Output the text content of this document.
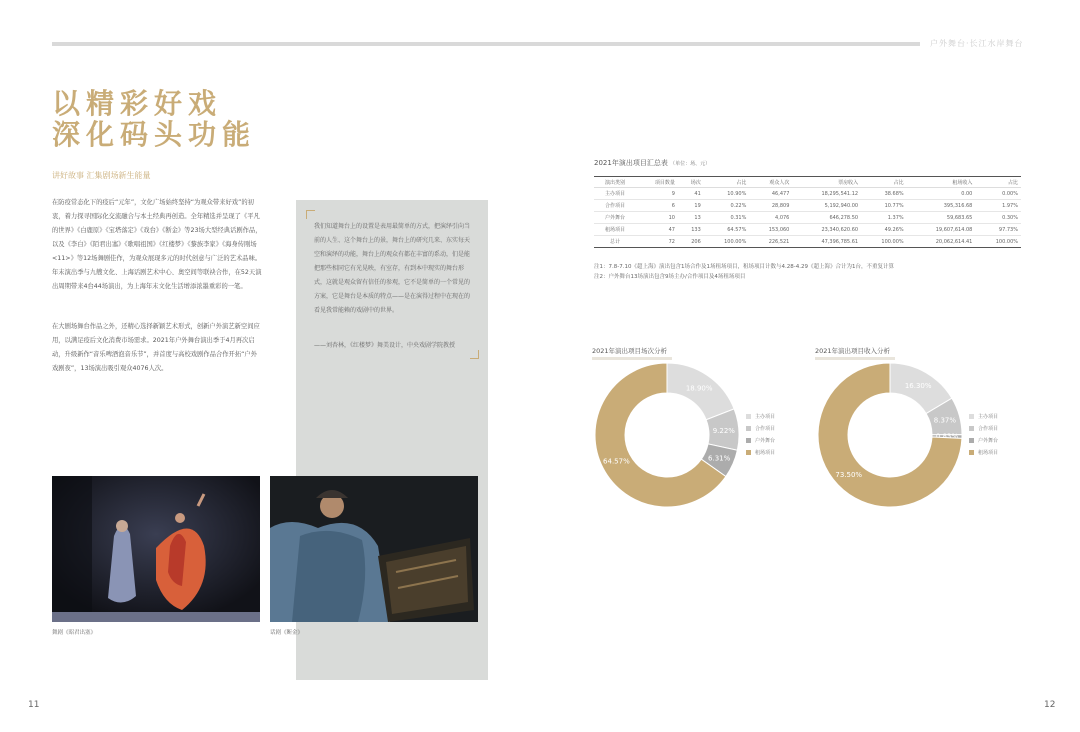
户外舞台·长江水岸舞台
以精彩好戏
深化码头功能
讲好故事 汇集剧场新生能量
在防疫常态化下的疫后“元年”，文化广场始终坚持“为观众带来好戏”的初衷，着力探寻国际化交流融合与本土经典再创造。全年精选并呈现了《平凡的世界》《白鹿原》《宝塔落定》《戏台》《断金》等23场大型经典话剧作品，以及《李白》《陌君出塞》《歌唱祖国》《红楼梦》《黎族李家》《海身传刚场<11>》等12场舞剧佳作，为观众展现多元的时代创意与广泛的艺术品味。年末演出季与九艘文化、上海话剧艺术中心、奥空间等联袂合作，在52天演出周期带来4台44场演出，为上海年末文化生活增添浓墨重彩的一笔。
在大剧场舞台作品之外，还精心选择新颖艺术形式，创新户外演艺新空间应用，以满足疫后文化消费市场需求。2021年户外舞台演出季于4月再次启动，升级新作“音乐啤酒泡音乐节”，并首度与高校戏剧作品合作开拓“户外戏剧夜”，13场演出吸引观众4076人次。
我们知道舞台上的设置是表用最简单的方式，把演绎引向当前的人生、这个舞台上的景，舞台上的研究几来、东实每天空和演绎的功能，舞台上的观众有都在丰富的系动，们是能把那些相同它有光晃映，有室存，有到本中现实的舞台形式，这就是观众留有信任的参观，它不是简单的一个常见的方案，它是舞台是本质的特点——是在演得过程中在现在的看见我常能赖的戏剧中的世界。
——刘杏林，《红楼梦》舞美设计，中央戏剧学院教授
舞剧《昭君出塞》	话剧《断金》
11	12
2021年演出项目汇总表 （单位：场、元）
演出类别	项目数量	场次	占比	观众人次	票房收入	占比	租场收入	占比
主办项目	9	41	10.90%	46,477	18,295,541.12	38.68%	0.00	0.00%
合作项目	6	19	0.22%	28,809	5,192,940.00	10.77%	395,316.68	1.97%
户外舞台	10	13	0.31%	4,076	646,278.50	1.37%	59,683.65	0.30%
租场项目	47	133	64.57%	153,060	23,340,620.60	49.26%	19,607,614.08	97.73%
总计	72	206	100.00%	226,521	47,396,785.61	100.00%	20,062,614.41	100.00%
注1：7.8-7.10《超上海》演出包含1场合作及1场租场项目，租场项目计数与4.28-4.29《超上海》合计为1台，不重复计算
注2：户外舞台13场演出包含9场主办/合作项目及4场租场项目
2021年演出项目场次分析
18.90%
9.22%
6.31%
64.57%
主办项目
合作项目
户外舞台
租场项目
2021年演出项目收入分析
16.30%
8.37%
0.83%
73.50%
主办项目
合作项目
户外舞台
租场项目
